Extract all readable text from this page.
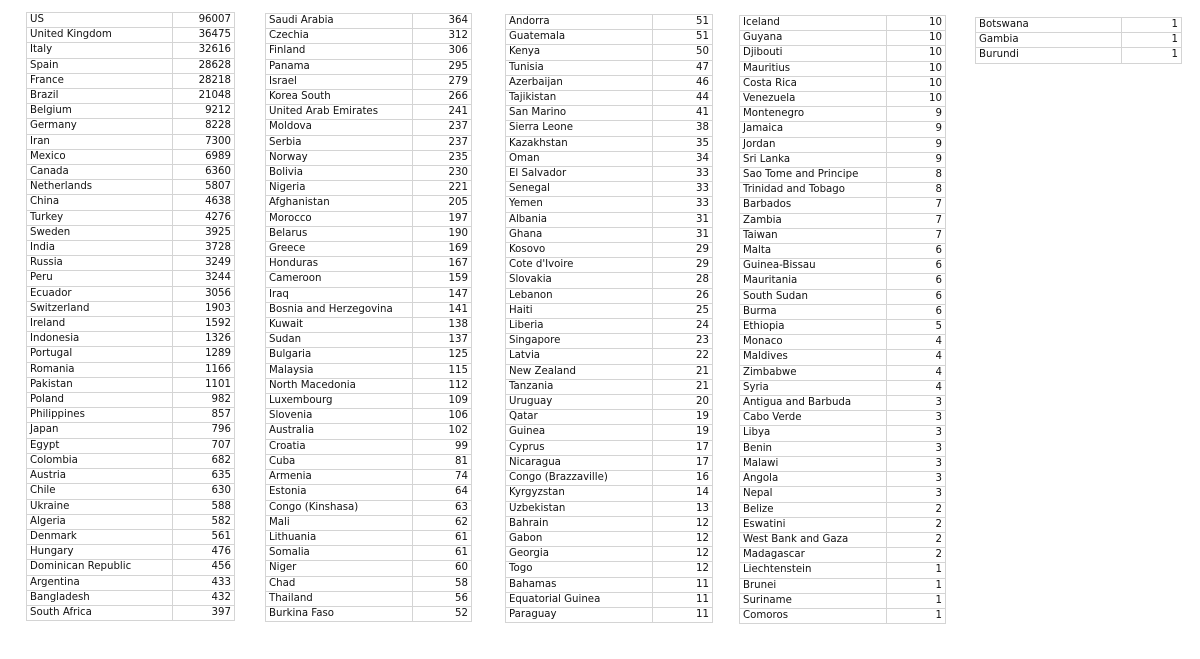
US	96007
United Kingdom	36475
Italy	32616
Spain	28628
France	28218
Brazil	21048
Belgium	9212
Germany	8228
Iran	7300
Mexico	6989
Canada	6360
Netherlands	5807
China	4638
Turkey	4276
Sweden	3925
India	3728
Russia	3249
Peru	3244
Ecuador	3056
Switzerland	1903
Ireland	1592
Indonesia	1326
Portugal	1289
Romania	1166
Pakistan	1101
Poland	982
Philippines	857
Japan	796
Egypt	707
Colombia	682
Austria	635
Chile	630
Ukraine	588
Algeria	582
Denmark	561
Hungary	476
Dominican Republic	456
Argentina	433
Bangladesh	432
South Africa	397
Saudi Arabia	364
Czechia	312
Finland	306
Panama	295
Israel	279
Korea South	266
United Arab Emirates	241
Moldova	237
Serbia	237
Norway	235
Bolivia	230
Nigeria	221
Afghanistan	205
Morocco	197
Belarus	190
Greece	169
Honduras	167
Cameroon	159
Iraq	147
Bosnia and Herzegovina	141
Kuwait	138
Sudan	137
Bulgaria	125
Malaysia	115
North Macedonia	112
Luxembourg	109
Slovenia	106
Australia	102
Croatia	99
Cuba	81
Armenia	74
Estonia	64
Congo (Kinshasa)	63
Mali	62
Lithuania	61
Somalia	61
Niger	60
Chad	58
Thailand	56
Burkina Faso	52
Andorra	51
Guatemala	51
Kenya	50
Tunisia	47
Azerbaijan	46
Tajikistan	44
San Marino	41
Sierra Leone	38
Kazakhstan	35
Oman	34
El Salvador	33
Senegal	33
Yemen	33
Albania	31
Ghana	31
Kosovo	29
Cote d'Ivoire	29
Slovakia	28
Lebanon	26
Haiti	25
Liberia	24
Singapore	23
Latvia	22
New Zealand	21
Tanzania	21
Uruguay	20
Qatar	19
Guinea	19
Cyprus	17
Nicaragua	17
Congo (Brazzaville)	16
Kyrgyzstan	14
Uzbekistan	13
Bahrain	12
Gabon	12
Georgia	12
Togo	12
Bahamas	11
Equatorial Guinea	11
Paraguay	11
Iceland	10
Guyana	10
Djibouti	10
Mauritius	10
Costa Rica	10
Venezuela	10
Montenegro	9
Jamaica	9
Jordan	9
Sri Lanka	9
Sao Tome and Principe	8
Trinidad and Tobago	8
Barbados	7
Zambia	7
Taiwan	7
Malta	6
Guinea-Bissau	6
Mauritania	6
South Sudan	6
Burma	6
Ethiopia	5
Monaco	4
Maldives	4
Zimbabwe	4
Syria	4
Antigua and Barbuda	3
Cabo Verde	3
Libya	3
Benin	3
Malawi	3
Angola	3
Nepal	3
Belize	2
Eswatini	2
West Bank and Gaza	2
Madagascar	2
Liechtenstein	1
Brunei	1
Suriname	1
Comoros	1
Botswana	1
Gambia	1
Burundi	1
